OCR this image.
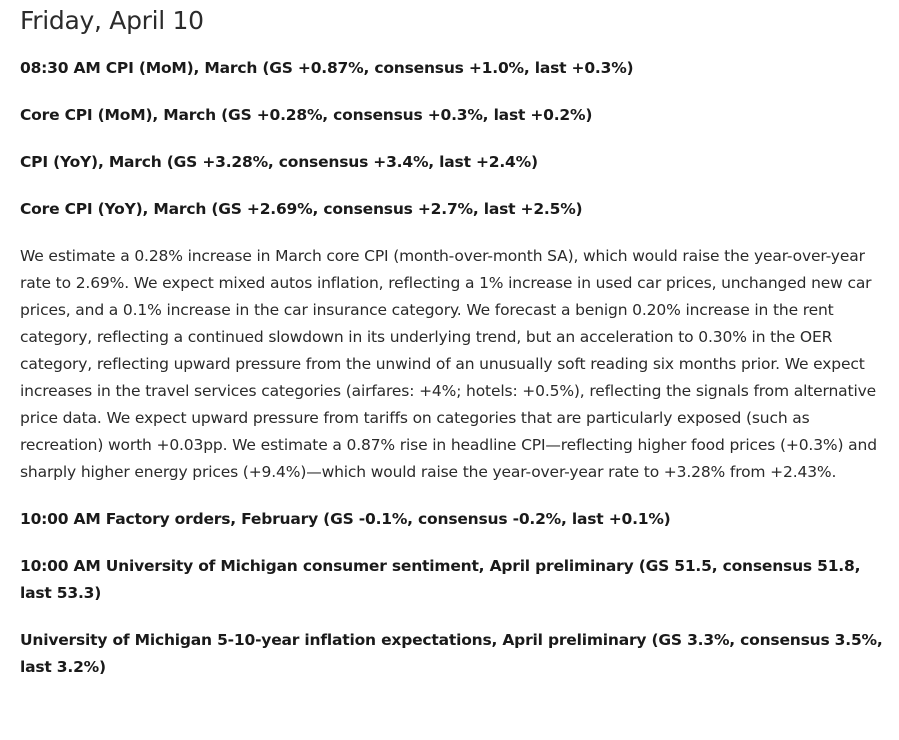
Friday, April 10

08:30 AM CPI (MoM), March (GS +0.87%, consensus +1.0%, last +0.3%)

Core CPI (MoM), March (GS +0.28%, consensus +0.3%, last +0.2%)

CPI (YoY), March (GS +3.28%, consensus +3.4%, last +2.4%)

Core CPI (YoY), March (GS +2.69%, consensus +2.7%, last +2.5%)

We estimate a 0.28% increase in March core CPI (month-over-month SA), which would raise the year-over-year rate to 2.69%. We expect mixed autos inflation, reflecting a 1% increase in used car prices, unchanged new car prices, and a 0.1% increase in the car insurance category. We forecast a benign 0.20% increase in the rent category, reflecting a continued slowdown in its underlying trend, but an acceleration to 0.30% in the OER category, reflecting upward pressure from the unwind of an unusually soft reading six months prior. We expect increases in the travel services categories (airfares: +4%; hotels: +0.5%), reflecting the signals from alternative price data. We expect upward pressure from tariffs on categories that are particularly exposed (such as recreation) worth +0.03pp. We estimate a 0.87% rise in headline CPI—reflecting higher food prices (+0.3%) and sharply higher energy prices (+9.4%)—which would raise the year-over-year rate to +3.28% from +2.43%.

10:00 AM Factory orders, February (GS -0.1%, consensus -0.2%, last +0.1%)

10:00 AM University of Michigan consumer sentiment, April preliminary (GS 51.5, consensus 51.8, last 53.3)

University of Michigan 5-10-year inflation expectations, April preliminary (GS 3.3%, consensus 3.5%, last 3.2%)
